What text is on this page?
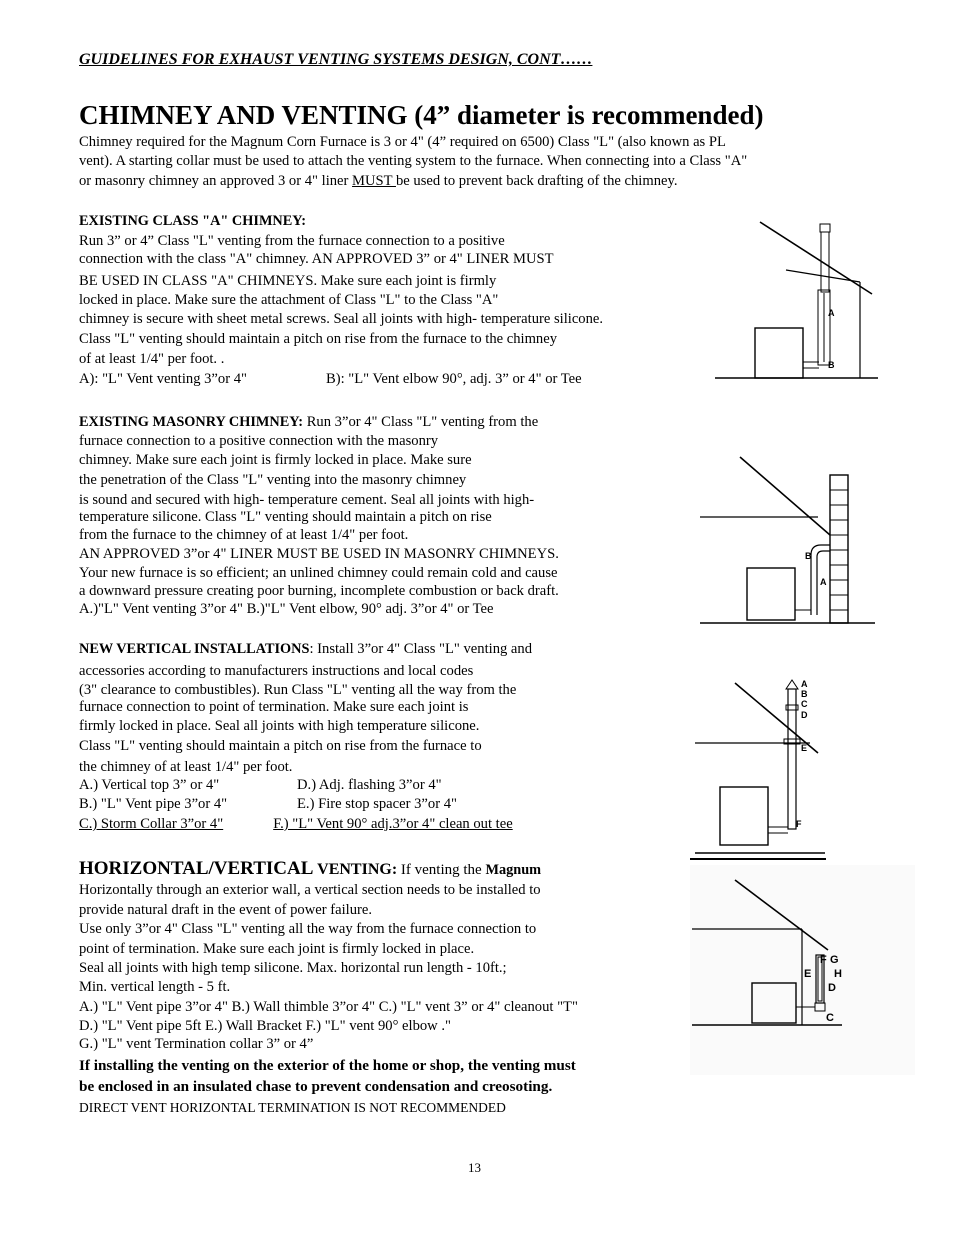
GUIDELINES FOR EXHAUST VENTING SYSTEMS DESIGN, CONT……
CHIMNEY AND VENTING (4” diameter is recommended)
Chimney required for the Magnum Corn Furnace is 3 or 4" (4” required on 6500) Class "L" (also known as PL
vent). A starting collar must be used to attach the venting system to the furnace. When connecting into a Class "A"
or masonry chimney an approved 3 or 4" liner MUST be used to prevent back drafting of the chimney.
EXISTING CLASS "A" CHIMNEY:
Run 3” or 4” Class "L" venting from the furnace connection to a positive
connection with the class "A" chimney. AN APPROVED 3” or 4" LINER MUST
BE USED IN CLASS "A" CHIMNEYS. Make sure each joint is firmly
locked in place. Make sure the attachment of Class "L" to the Class "A"
chimney is secure with sheet metal screws. Seal all joints with high- temperature silicone.
Class "L" venting should maintain a pitch on rise from the furnace to the chimney
of at least 1/4" per foot. .
A): "L" Vent venting 3”or 4"	B): "L" Vent elbow 90°, adj. 3” or 4" or Tee
EXISTING MASONRY CHIMNEY: Run 3”or 4" Class "L" venting from the
furnace connection to a positive connection with the masonry
chimney. Make sure each joint is firmly locked in place. Make sure
the penetration of the Class "L" venting into the masonry chimney
is sound and secured with high- temperature cement. Seal all joints with high-
temperature silicone. Class "L" venting should maintain a pitch on rise
from the furnace to the chimney of at least 1/4" per foot.
AN APPROVED 3”or 4" LINER MUST BE USED IN MASONRY CHIMNEYS.
Your new furnace is so efficient; an unlined chimney could remain cold and cause
a downward pressure creating poor burning, incomplete combustion or back draft.
A.)"L" Vent venting 3”or 4" B.)"L" Vent elbow, 90° adj. 3”or 4" or Tee
NEW VERTICAL INSTALLATIONS: Install 3”or 4" Class "L" venting and
accessories according to manufacturers instructions and local codes
(3" clearance to combustibles). Run Class "L" venting all the way from the
furnace connection to point of termination. Make sure each joint is
firmly locked in place. Seal all joints with high temperature silicone.
Class "L" venting should maintain a pitch on rise from the furnace to
the chimney of at least 1/4" per foot.
A.) Vertical top 3” or 4"	D.) Adj. flashing 3”or 4"
B.) "L" Vent pipe 3”or 4"	E.) Fire stop spacer 3”or 4"
C.) Storm Collar 3”or 4"	F.) "L" Vent 90° adj.3”or 4" clean out tee
HORIZONTAL/VERTICAL VENTING: If venting the Magnum
Horizontally through an exterior wall, a vertical section needs to be installed to
provide natural draft in the event of power failure.
Use only 3”or 4" Class "L" venting all the way from the furnace connection to
point of termination. Make sure each joint is firmly locked in place.
Seal all joints with high temp silicone. Max. horizontal run length - 10ft.;
Min. vertical length - 5 ft.
A.) "L" Vent pipe 3”or 4" B.) Wall thimble 3”or 4" C.) "L" vent 3” or 4" cleanout "T"
D.) "L" Vent pipe 5ft E.) Wall Bracket F.) "L" vent 90° elbow ."
G.) "L" vent Termination collar 3” or 4”
If installing the venting on the exterior of the home or shop, the venting must
be enclosed in an insulated chase to prevent condensation and creosoting.
DIRECT VENT HORIZONTAL TERMINATION IS NOT RECOMMENDED
13
A
B
B
A
A
B
C
D
E
F
G
E
F
H
D
C
